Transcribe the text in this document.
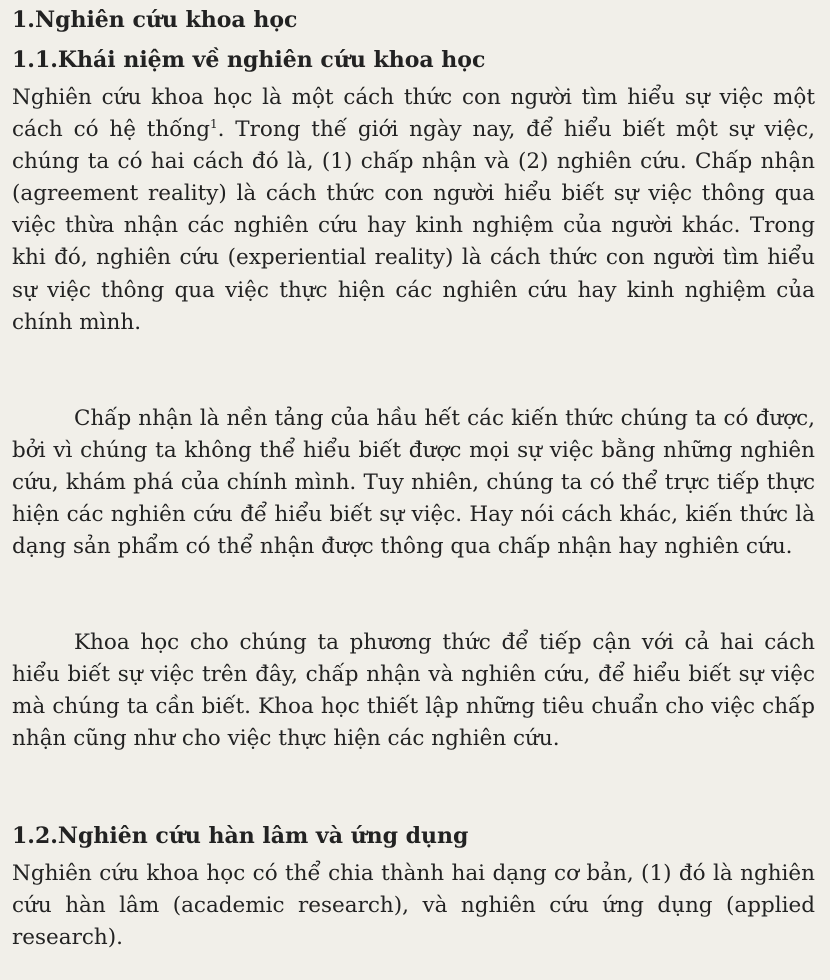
1.Nghiên cứu khoa học
1.1.Khái niệm về nghiên cứu khoa học

Nghiên cứu khoa học là một cách thức con người tìm hiểu sự việc một cách có hệ thống$^1$. Trong thế giới ngày nay, để hiểu biết một sự việc, chúng ta có hai cách đó là, (1) chấp nhận và (2) nghiên cứu. Chấp nhận (agreement reality) là cách thức con người hiểu biết sự việc thông qua việc thừa nhận các nghiên cứu hay kinh nghiệm của người khác. Trong khi đó, nghiên cứu (experiential reality) là cách thức con người tìm hiểu sự việc thông qua việc thực hiện các nghiên cứu hay kinh nghiệm của chính mình.

Chấp nhận là nền tảng của hầu hết các kiến thức chúng ta có được, bởi vì chúng ta không thể hiểu biết được mọi sự việc bằng những nghiên cứu, khám phá của chính mình. Tuy nhiên, chúng ta có thể trực tiếp thực hiện các nghiên cứu để hiểu biết sự việc. Hay nói cách khác, kiến thức là dạng sản phẩm có thể nhận được thông qua chấp nhận hay nghiên cứu.

Khoa học cho chúng ta phương thức để tiếp cận với cả hai cách hiểu biết sự việc trên đây, chấp nhận và nghiên cứu, để hiểu biết sự việc mà chúng ta cần biết. Khoa học thiết lập những tiêu chuẩn cho việc chấp nhận cũng như cho việc thực hiện các nghiên cứu.

1.2.Nghiên cứu hàn lâm và ứng dụng

Nghiên cứu khoa học có thể chia thành hai dạng cơ bản, (1) đó là nghiên cứu hàn lâm (academic research), và nghiên cứu ứng dụng (applied research).
